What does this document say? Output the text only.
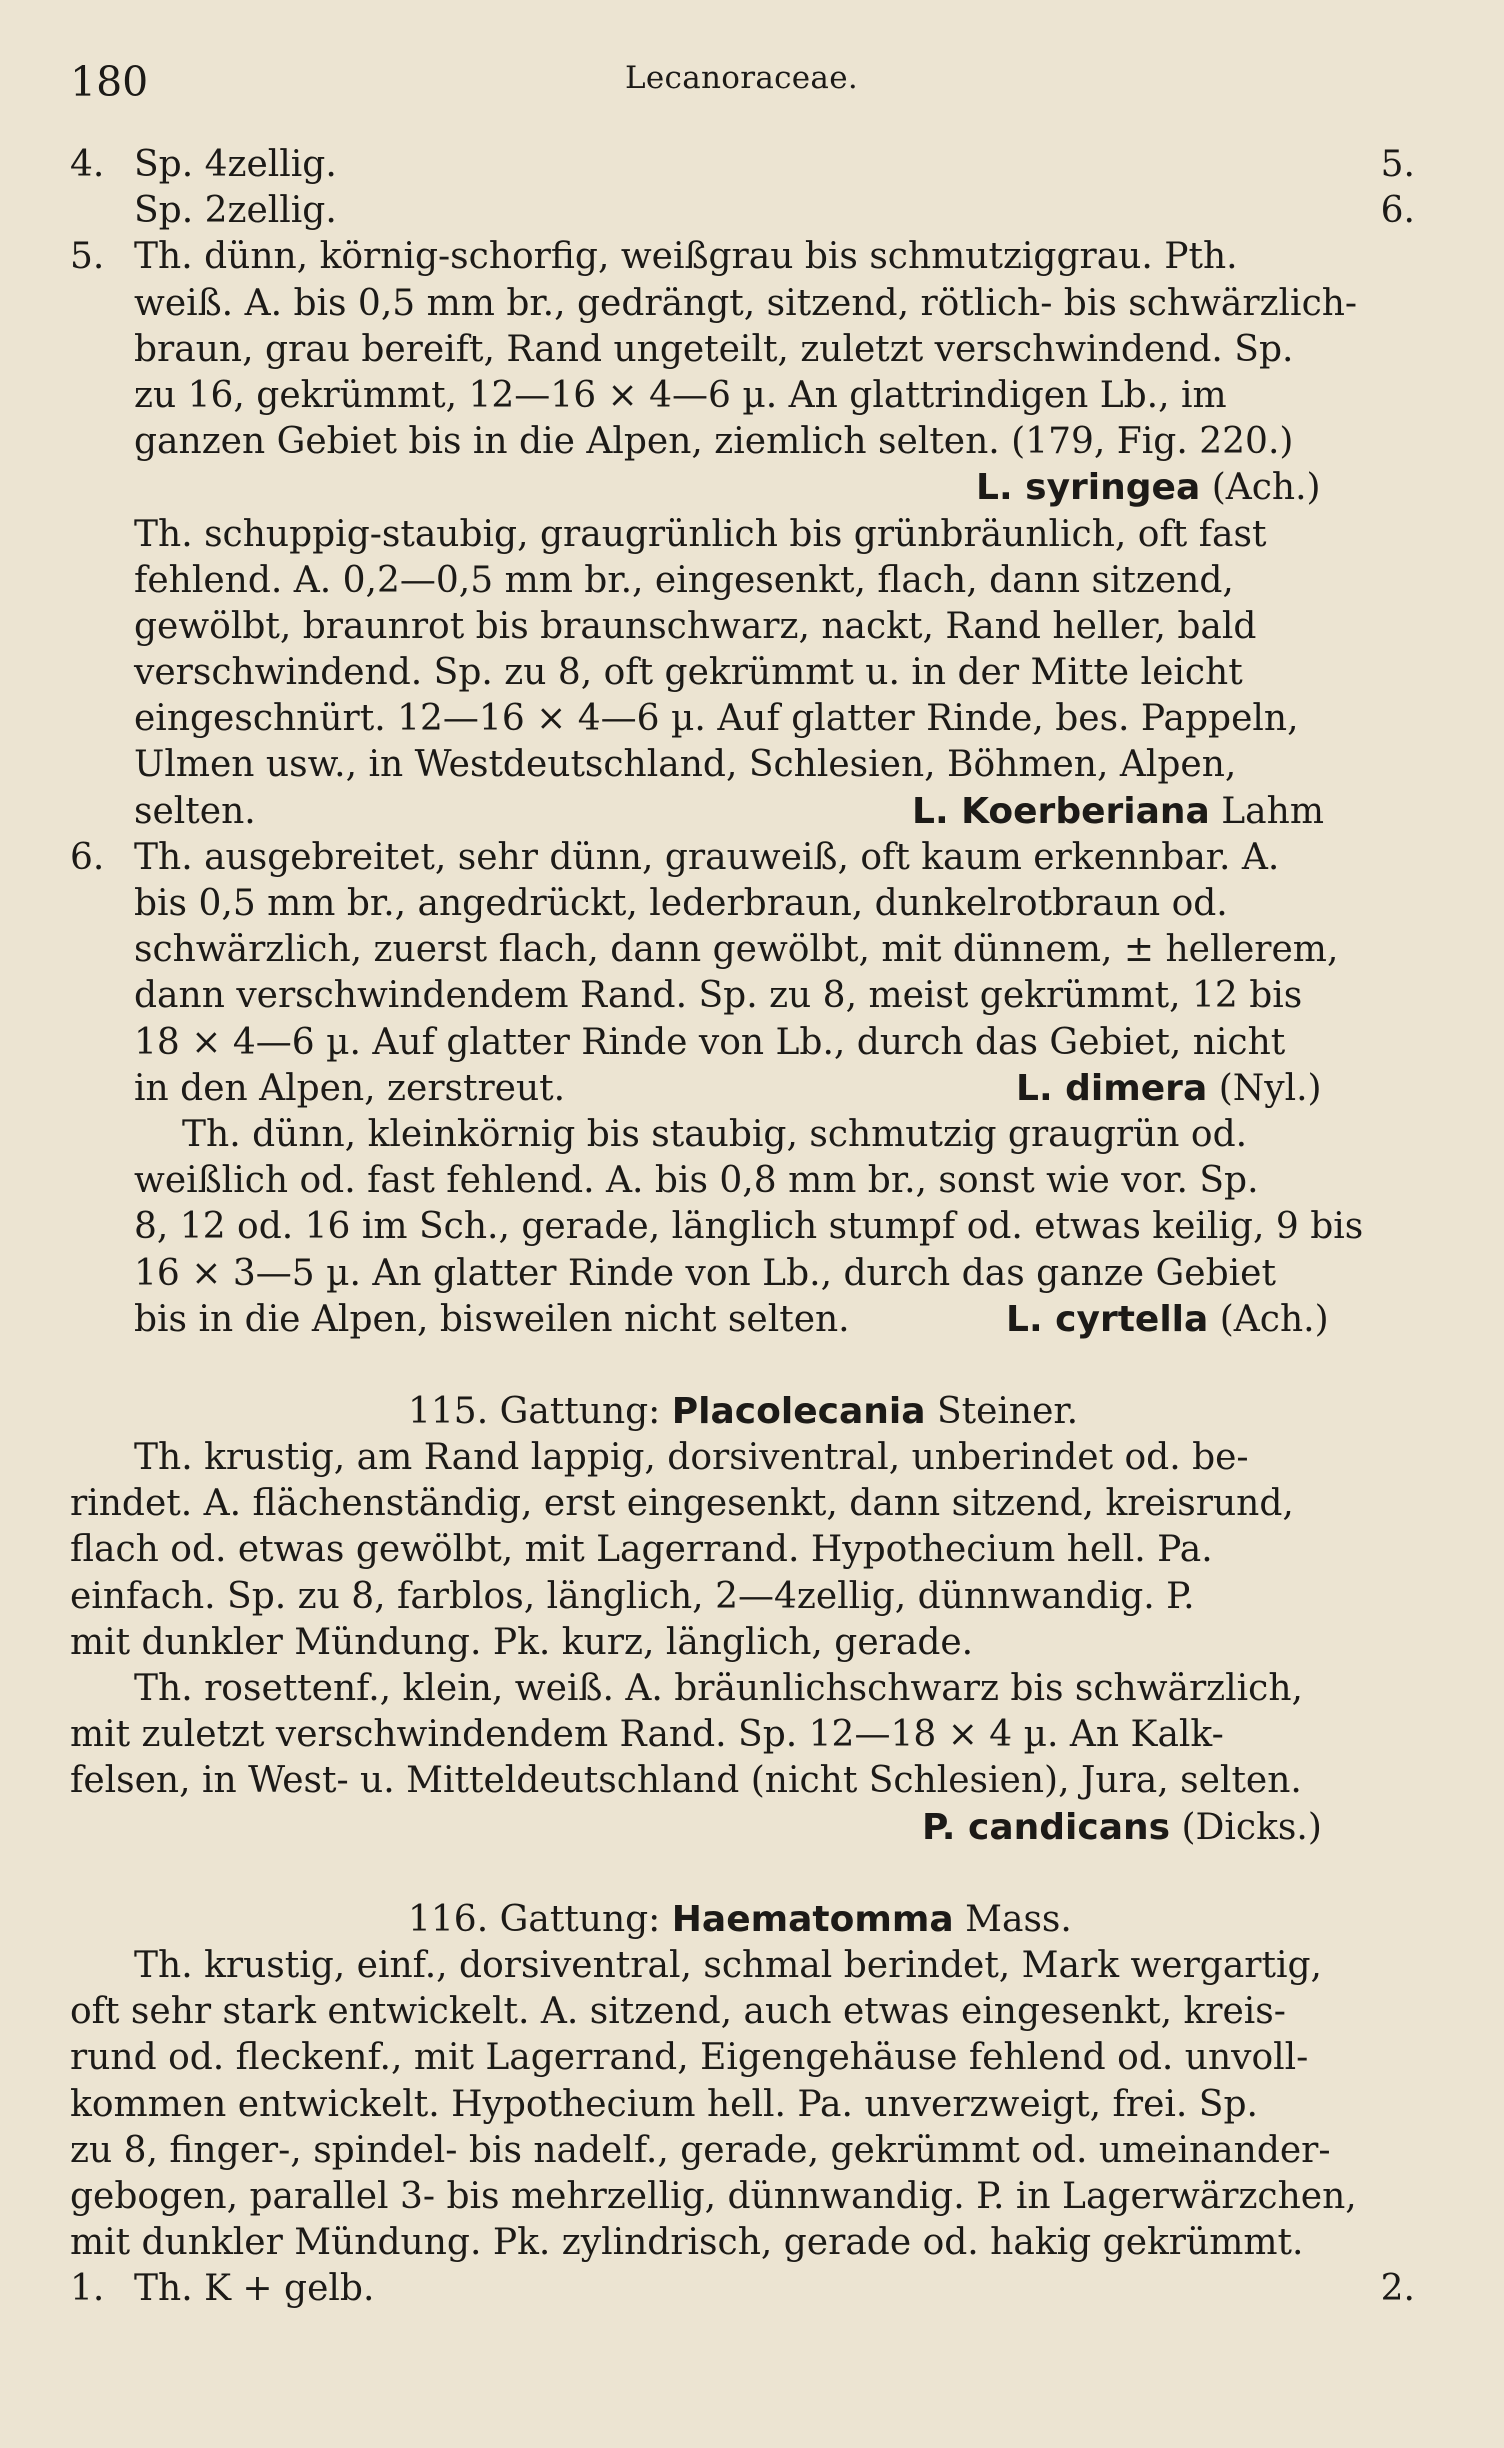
180	Lecanoraceae.
4. Sp. 4zellig.	5.
Sp. 2zellig.	6.
5. Th. dünn, körnig-schorfig, weißgrau bis schmutziggrau. Pth.
weiß. A. bis 0,5 mm br., gedrängt, sitzend, rötlich- bis schwärzlich-
braun, grau bereift, Rand ungeteilt, zuletzt verschwindend. Sp.
zu 16, gekrümmt, 12—16 × 4—6 µ. An glattrindigen Lb., im
ganzen Gebiet bis in die Alpen, ziemlich selten. (179, Fig. 220.)
L. syringea (Ach.)
Th. schuppig-staubig, graugrünlich bis grünbräunlich, oft fast
fehlend. A. 0,2—0,5 mm br., eingesenkt, flach, dann sitzend,
gewölbt, braunrot bis braunschwarz, nackt, Rand heller, bald
verschwindend. Sp. zu 8, oft gekrümmt u. in der Mitte leicht
eingeschnürt. 12—16 × 4—6 µ. Auf glatter Rinde, bes. Pappeln,
Ulmen usw., in Westdeutschland, Schlesien, Böhmen, Alpen,
selten.	L. Koerberiana Lahm
6. Th. ausgebreitet, sehr dünn, grauweiß, oft kaum erkennbar. A.
bis 0,5 mm br., angedrückt, lederbraun, dunkelrotbraun od.
schwärzlich, zuerst flach, dann gewölbt, mit dünnem, ± hellerem,
dann verschwindendem Rand. Sp. zu 8, meist gekrümmt, 12 bis
18 × 4—6 µ. Auf glatter Rinde von Lb., durch das Gebiet, nicht
in den Alpen, zerstreut.	L. dimera (Nyl.)
Th. dünn, kleinkörnig bis staubig, schmutzig graugrün od.
weißlich od. fast fehlend. A. bis 0,8 mm br., sonst wie vor. Sp.
8, 12 od. 16 im Sch., gerade, länglich stumpf od. etwas keilig, 9 bis
16 × 3—5 µ. An glatter Rinde von Lb., durch das ganze Gebiet
bis in die Alpen, bisweilen nicht selten.	L. cyrtella (Ach.)
115. Gattung: Placolecania Steiner.
Th. krustig, am Rand lappig, dorsiventral, unberindet od. be-
rindet. A. flächenständig, erst eingesenkt, dann sitzend, kreisrund,
flach od. etwas gewölbt, mit Lagerrand. Hypothecium hell. Pa.
einfach. Sp. zu 8, farblos, länglich, 2—4zellig, dünnwandig. P.
mit dunkler Mündung. Pk. kurz, länglich, gerade.
Th. rosettenf., klein, weiß. A. bräunlichschwarz bis schwärzlich,
mit zuletzt verschwindendem Rand. Sp. 12—18 × 4 µ. An Kalk-
felsen, in West- u. Mitteldeutschland (nicht Schlesien), Jura, selten.
P. candicans (Dicks.)
116. Gattung: Haematomma Mass.
Th. krustig, einf., dorsiventral, schmal berindet, Mark wergartig,
oft sehr stark entwickelt. A. sitzend, auch etwas eingesenkt, kreis-
rund od. fleckenf., mit Lagerrand, Eigengehäuse fehlend od. unvoll-
kommen entwickelt. Hypothecium hell. Pa. unverzweigt, frei. Sp.
zu 8, finger-, spindel- bis nadelf., gerade, gekrümmt od. umeinander-
gebogen, parallel 3- bis mehrzellig, dünnwandig. P. in Lagerwärzchen,
mit dunkler Mündung. Pk. zylindrisch, gerade od. hakig gekrümmt.
1. Th. K + gelb.	2.
